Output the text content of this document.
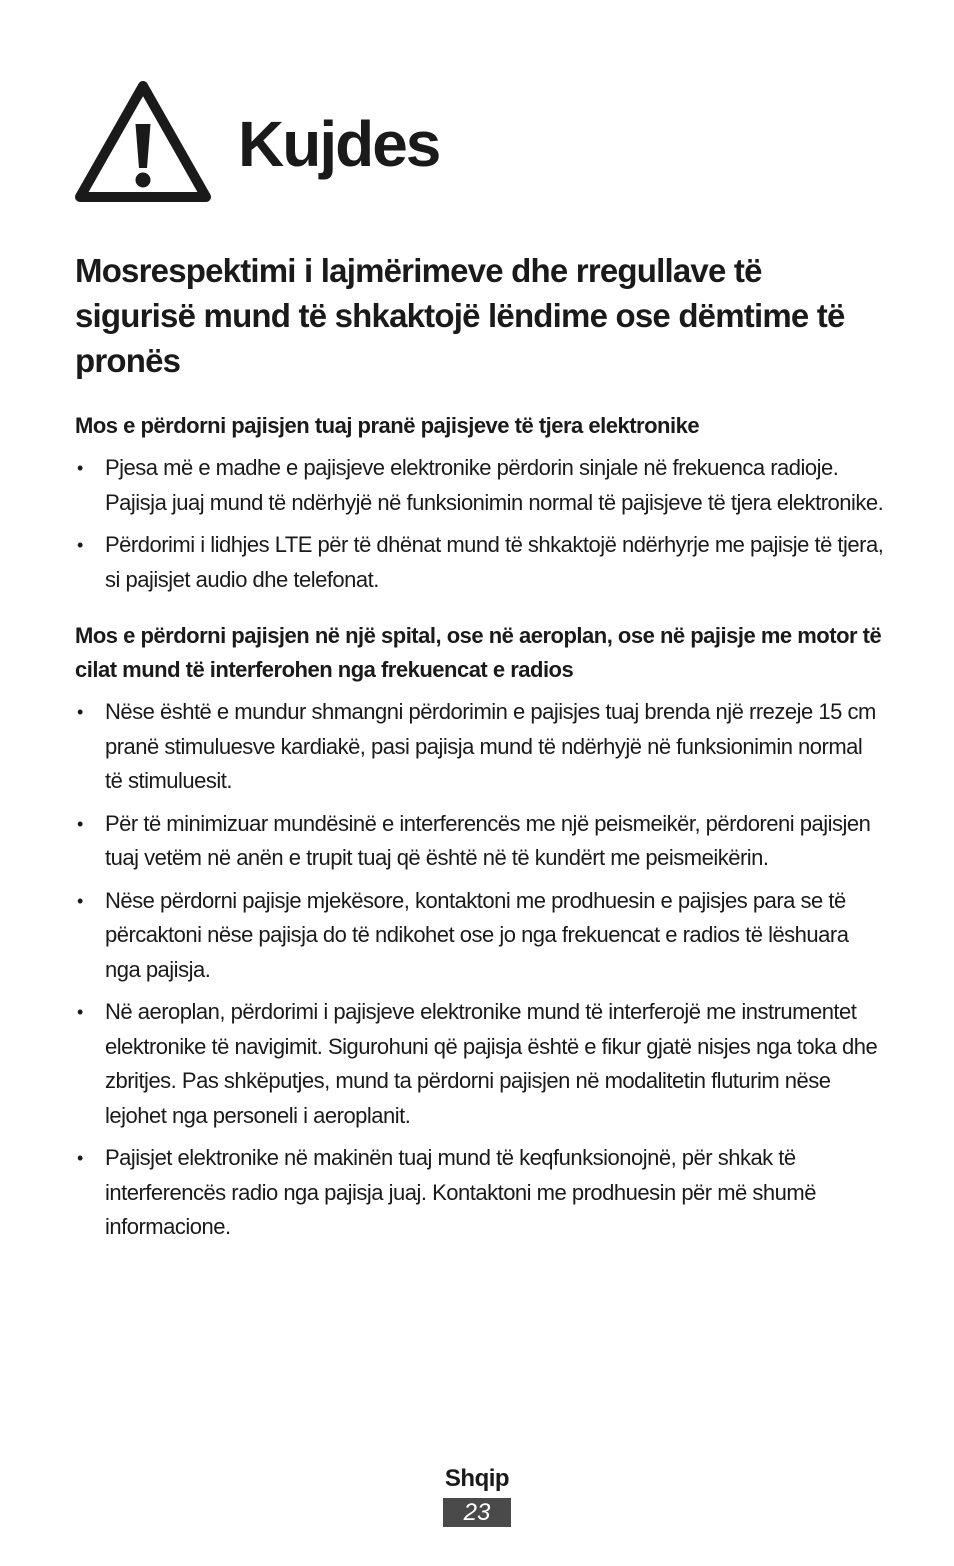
Kujdes
Mosrespektimi i lajmërimeve dhe rregullave të sigurisë mund të shkaktojë lëndime ose dëmtime të pronës
Mos e përdorni pajisjen tuaj pranë pajisjeve të tjera elektronike
• Pjesa më e madhe e pajisjeve elektronike përdorin sinjale në frekuenca radioje. Pajisja juaj mund të ndërhyjë në funksionimin normal të pajisjeve të tjera elektronike.
• Përdorimi i lidhjes LTE për të dhënat mund të shkaktojë ndërhyrje me pajisje të tjera, si pajisjet audio dhe telefonat.
Mos e përdorni pajisjen në një spital, ose në aeroplan, ose në pajisje me motor të cilat mund të interferohen nga frekuencat e radios
• Nëse është e mundur shmangni përdorimin e pajisjes tuaj brenda një rrezeje 15 cm pranë stimuluesve kardiakë, pasi pajisja mund të ndërhyjë në funksionimin normal të stimuluesit.
• Për të minimizuar mundësinë e interferencës me një peismeikër, përdoreni pajisjen tuaj vetëm në anën e trupit tuaj që është në të kundërt me peismeikërin.
• Nëse përdorni pajisje mjekësore, kontaktoni me prodhuesin e pajisjes para se të përcaktoni nëse pajisja do të ndikohet ose jo nga frekuencat e radios të lëshuara nga pajisja.
• Në aeroplan, përdorimi i pajisjeve elektronike mund të interferojë me instrumentet elektronike të navigimit. Sigurohuni që pajisja është e fikur gjatë nisjes nga toka dhe zbritjes. Pas shkëputjes, mund ta përdorni pajisjen në modalitetin fluturim nëse lejohet nga personeli i aeroplanit.
• Pajisjet elektronike në makinën tuaj mund të keqfunksionojnë, për shkak të interferencës radio nga pajisja juaj. Kontaktoni me prodhuesin për më shumë informacione.
Shqip
23
